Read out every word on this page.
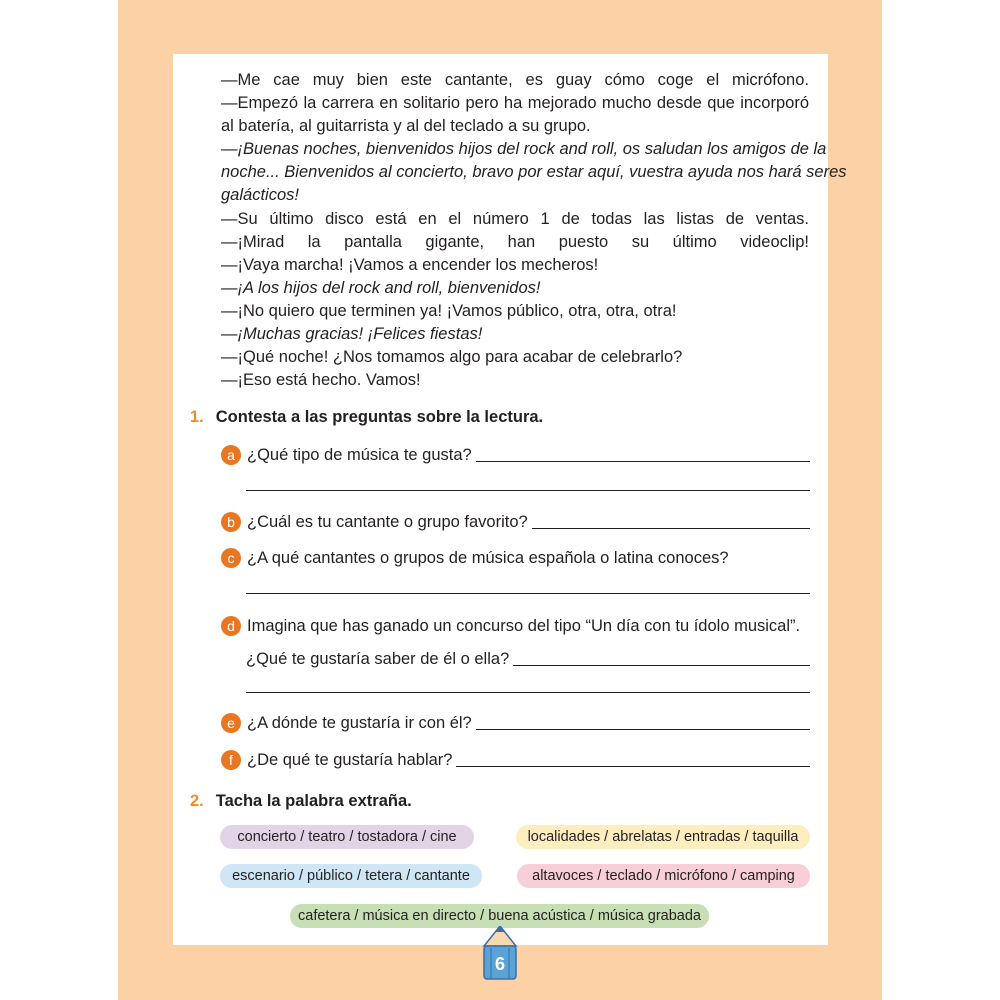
—Me cae muy bien este cantante, es guay cómo coge el micrófono.
—Empezó la carrera en solitario pero ha mejorado mucho desde que incorporó
al batería, al guitarrista y al del teclado a su grupo.
—¡Buenas noches, bienvenidos hijos del rock and roll, os saludan los amigos de la
noche... Bienvenidos al concierto, bravo por estar aquí, vuestra ayuda nos hará seres
galácticos!
—Su último disco está en el número 1 de todas las listas de ventas.
—¡Mirad la pantalla gigante, han puesto su último videoclip!
—¡Vaya marcha! ¡Vamos a encender los mecheros!
—¡A los hijos del rock and roll, bienvenidos!
—¡No quiero que terminen ya! ¡Vamos público, otra, otra, otra!
—¡Muchas gracias! ¡Felices fiestas!
—¡Qué noche! ¿Nos tomamos algo para acabar de celebrarlo?
—¡Eso está hecho. Vamos!
1. Contesta a las preguntas sobre la lectura.
a ¿Qué tipo de música te gusta?
b ¿Cuál es tu cantante o grupo favorito?
c ¿A qué cantantes o grupos de música española o latina conoces?
d Imagina que has ganado un concurso del tipo “Un día con tu ídolo musical”.
¿Qué te gustaría saber de él o ella?
e ¿A dónde te gustaría ir con él?
f ¿De qué te gustaría hablar?
2. Tacha la palabra extraña.
concierto / teatro / tostadora / cine	localidades / abrelatas / entradas / taquilla
escenario / público / tetera / cantante	altavoces / teclado / micrófono / camping
cafetera / música en directo / buena acústica / música grabada
6
